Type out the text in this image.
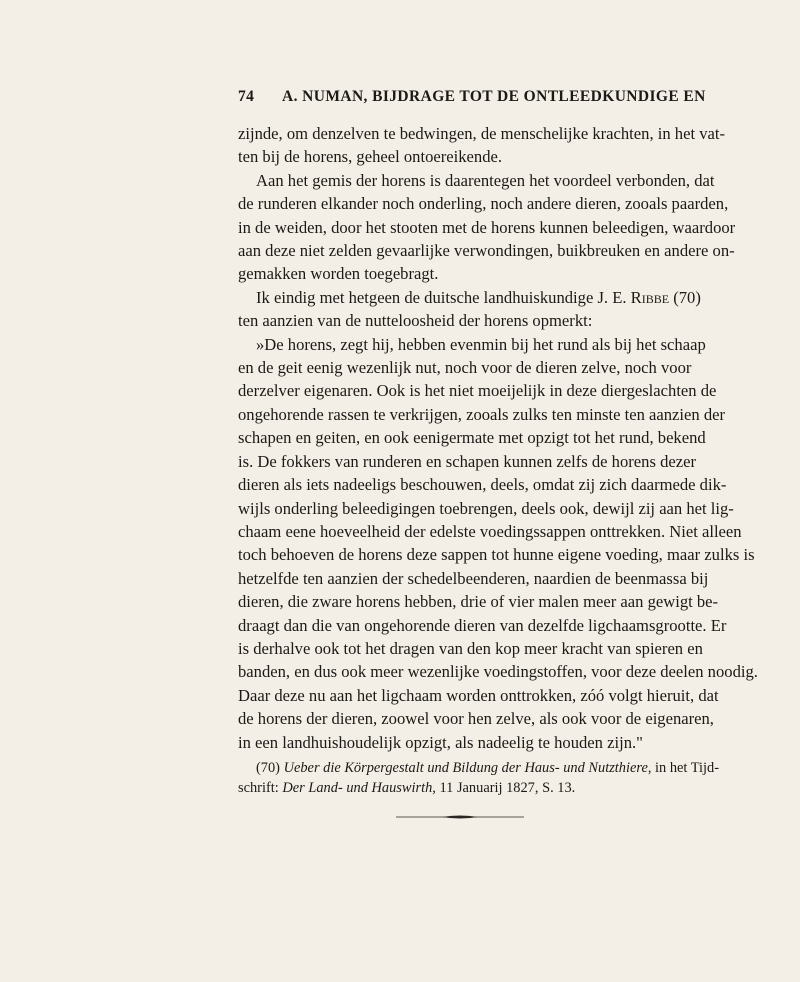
74 A. NUMAN, BIJDRAGE TOT DE ONTLEEDKUNDIGE EN
zijnde, om denzelven te bedwingen, de menschelijke krachten, in het vat-
ten bij de horens, geheel ontoereikende.
Aan het gemis der horens is daarentegen het voordeel verbonden, dat
de runderen elkander noch onderling, noch andere dieren, zooals paarden,
in de weiden, door het stooten met de horens kunnen beleedigen, waardoor
aan deze niet zelden gevaarlijke verwondingen, buikbreuken en andere on-
gemakken worden toegebragt.
Ik eindig met hetgeen de duitsche landhuiskundige J. E. Ribbe (70)
ten aanzien van de nutteloosheid der horens opmerkt:
»De horens, zegt hij, hebben evenmin bij het rund als bij het schaap
en de geit eenig wezenlijk nut, noch voor de dieren zelve, noch voor
derzelver eigenaren. Ook is het niet moeijelijk in deze diergeslachten de
ongehorende rassen te verkrijgen, zooals zulks ten minste ten aanzien der
schapen en geiten, en ook eenigermate met opzigt tot het rund, bekend
is. De fokkers van runderen en schapen kunnen zelfs de horens dezer
dieren als iets nadeeligs beschouwen, deels, omdat zij zich daarmede dik-
wijls onderling beleedigingen toebrengen, deels ook, dewijl zij aan het lig-
chaam eene hoeveelheid der edelste voedingssappen onttrekken. Niet alleen
toch behoeven de horens deze sappen tot hunne eigene voeding, maar zulks is
hetzelfde ten aanzien der schedelbeenderen, naardien de beenmassa bij
dieren, die zware horens hebben, drie of vier malen meer aan gewigt be-
draagt dan die van ongehorende dieren van dezelfde ligchaamsgrootte. Er
is derhalve ook tot het dragen van den kop meer kracht van spieren en
banden, en dus ook meer wezenlijke voedingstoffen, voor deze deelen noodig.
Daar deze nu aan het ligchaam worden onttrokken, zóó volgt hieruit, dat
de horens der dieren, zoowel voor hen zelve, als ook voor de eigenaren,
in een landhuishoudelijk opzigt, als nadeelig te houden zijn."
(70) Ueber die Körpergestalt und Bildung der Haus- und Nutzthiere, in het Tijd-
schrift: Der Land- und Hauswirth, 11 Januarij 1827, S. 13.
